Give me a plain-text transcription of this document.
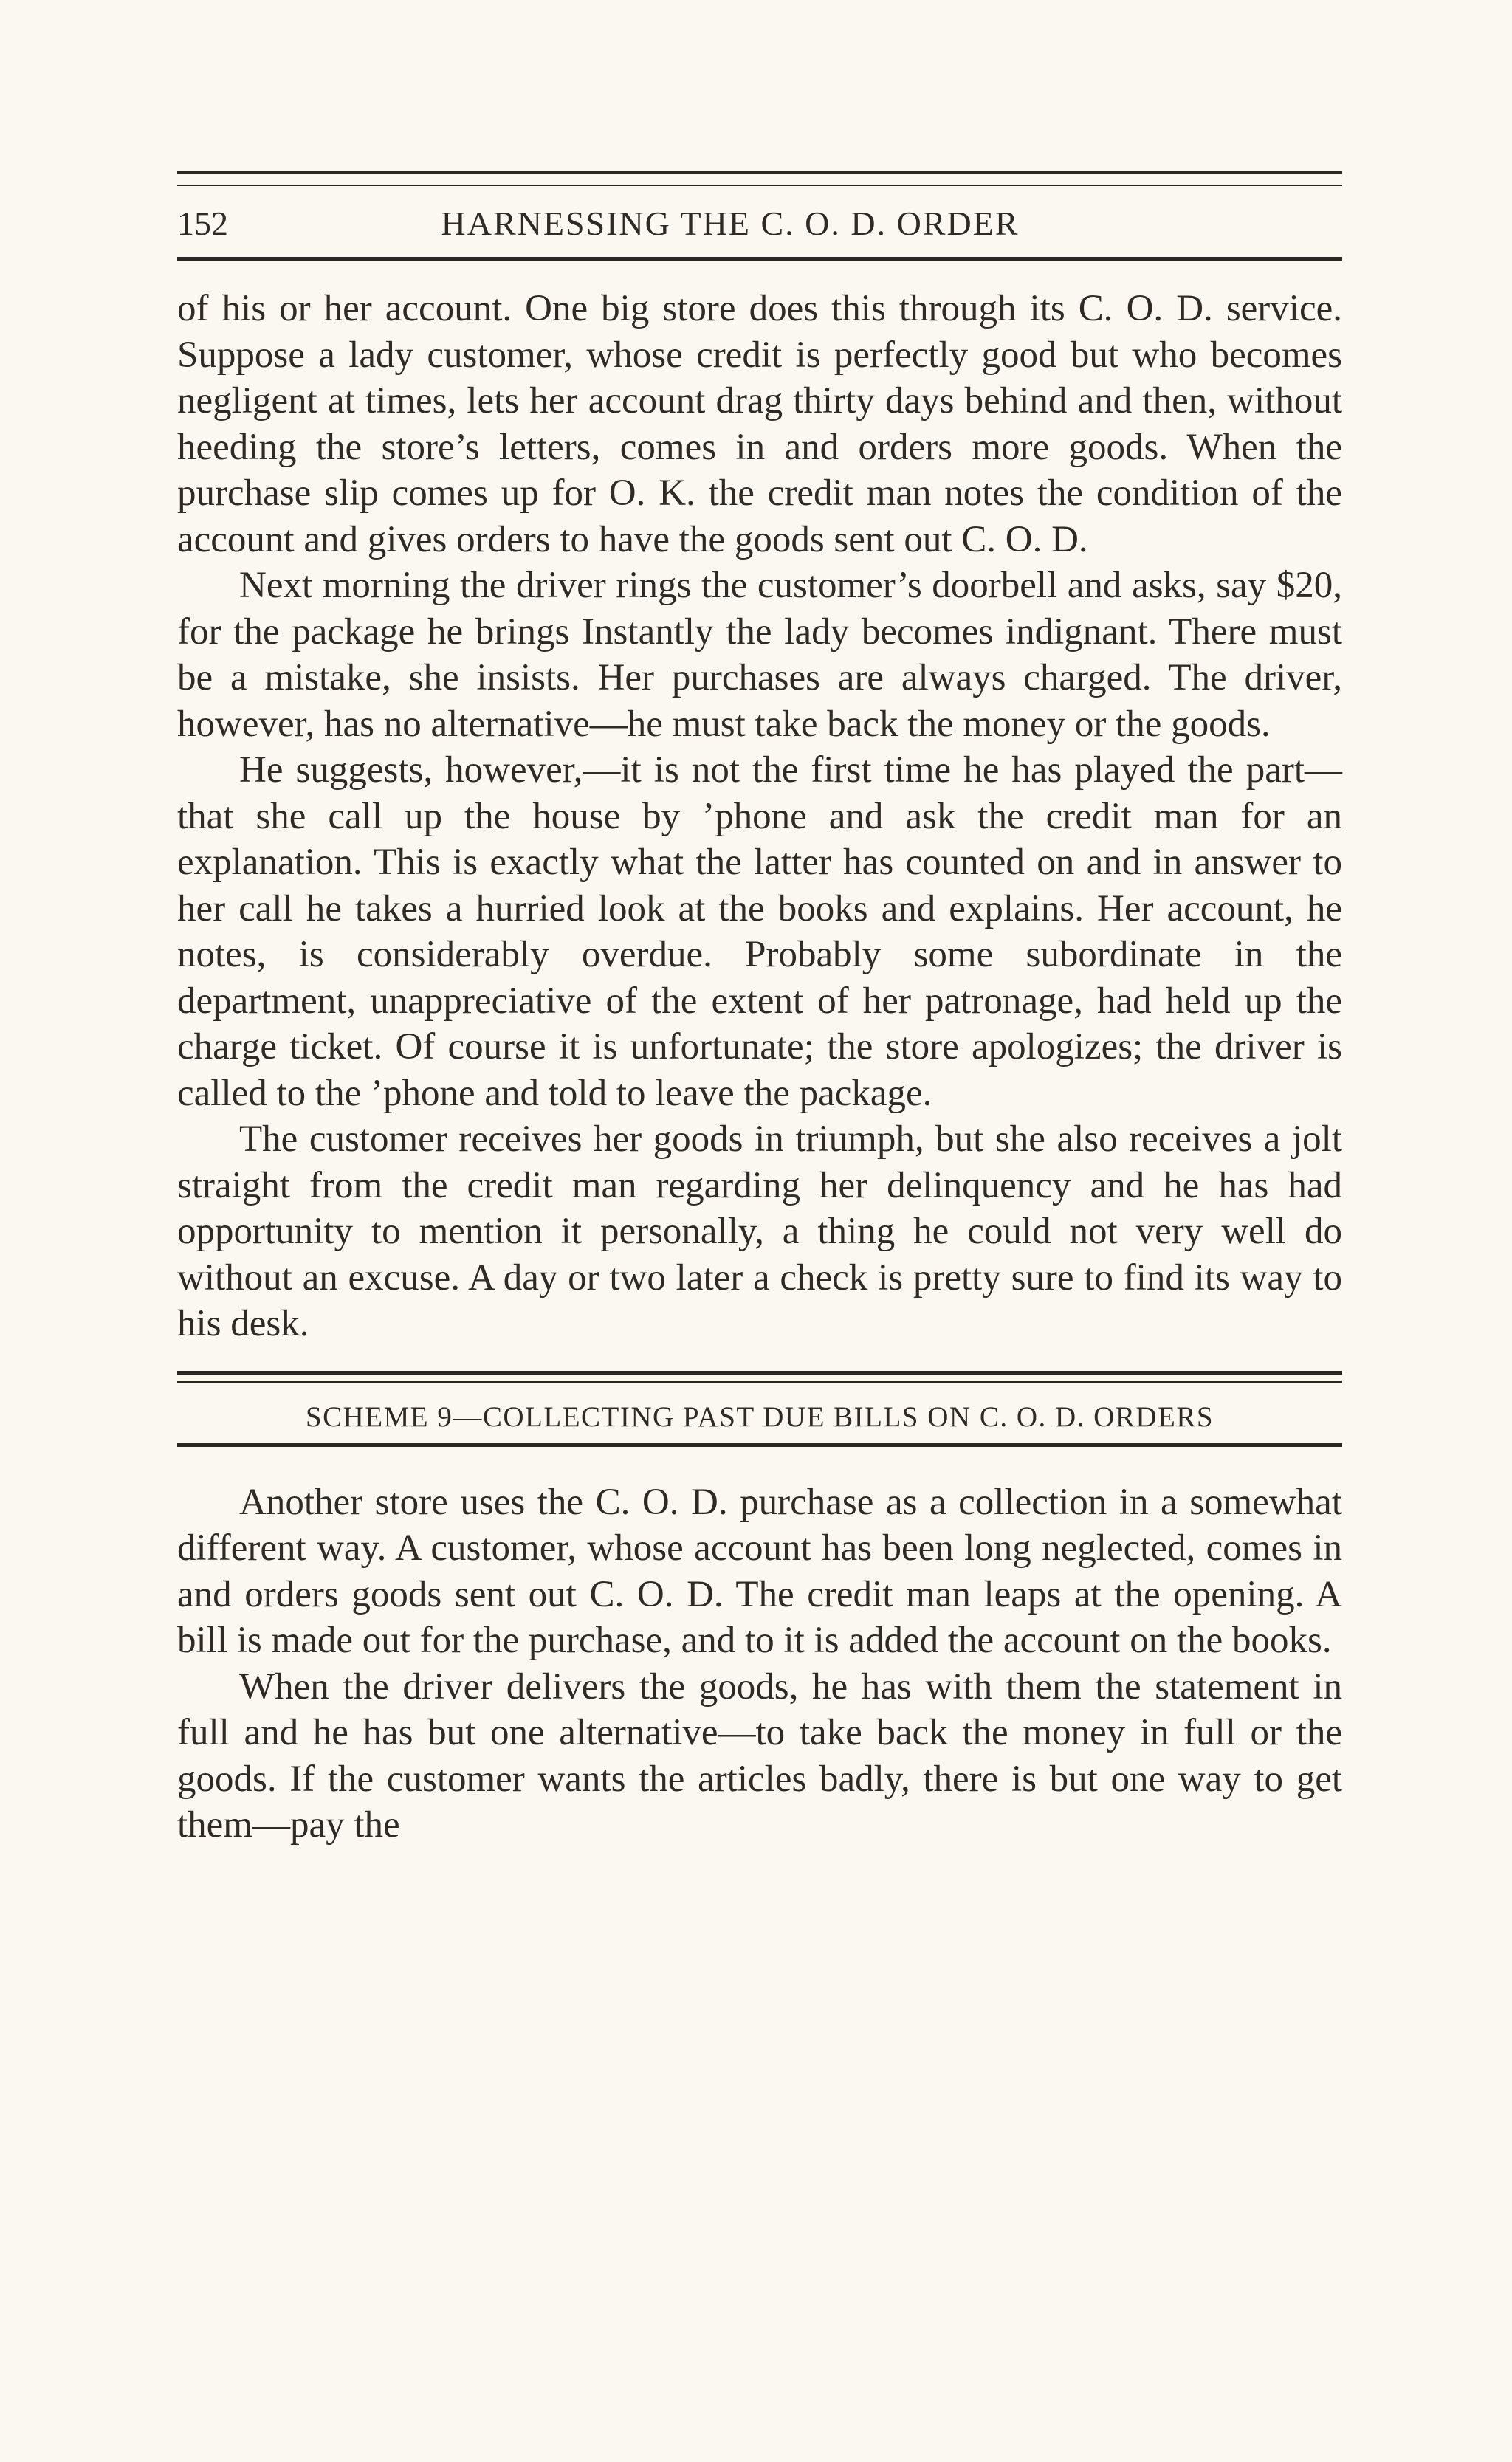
152	HARNESSING THE C. O. D. ORDER

of his or her account. One big store does this through its C. O. D. service. Suppose a lady customer, whose credit is perfectly good but who becomes negligent at times, lets her account drag thirty days behind and then, without heeding the store’s letters, comes in and orders more goods. When the purchase slip comes up for O. K. the credit man notes the condition of the account and gives orders to have the goods sent out C. O. D.

Next morning the driver rings the customer’s doorbell and asks, say $20, for the package he brings Instantly the lady becomes indignant. There must be a mistake, she insists. Her purchases are always charged. The driver, however, has no alternative—he must take back the money or the goods.

He suggests, however,—it is not the first time he has played the part—that she call up the house by ’phone and ask the credit man for an explanation. This is exactly what the latter has counted on and in answer to her call he takes a hurried look at the books and explains. Her account, he notes, is considerably overdue. Probably some subordinate in the department, unappreciative of the extent of her patronage, had held up the charge ticket. Of course it is unfortunate; the store apologizes; the driver is called to the ’phone and told to leave the package.

The customer receives her goods in triumph, but she also receives a jolt straight from the credit man regarding her delinquency and he has had opportunity to mention it personally, a thing he could not very well do without an excuse. A day or two later a check is pretty sure to find its way to his desk.

SCHEME 9—COLLECTING PAST DUE BILLS ON C. O. D. ORDERS

Another store uses the C. O. D. purchase as a collection in a somewhat different way. A customer, whose account has been long neglected, comes in and orders goods sent out C. O. D. The credit man leaps at the opening. A bill is made out for the purchase, and to it is added the account on the books.

When the driver delivers the goods, he has with them the statement in full and he has but one alternative—to take back the money in full or the goods. If the customer wants the articles badly, there is but one way to get them—pay the
